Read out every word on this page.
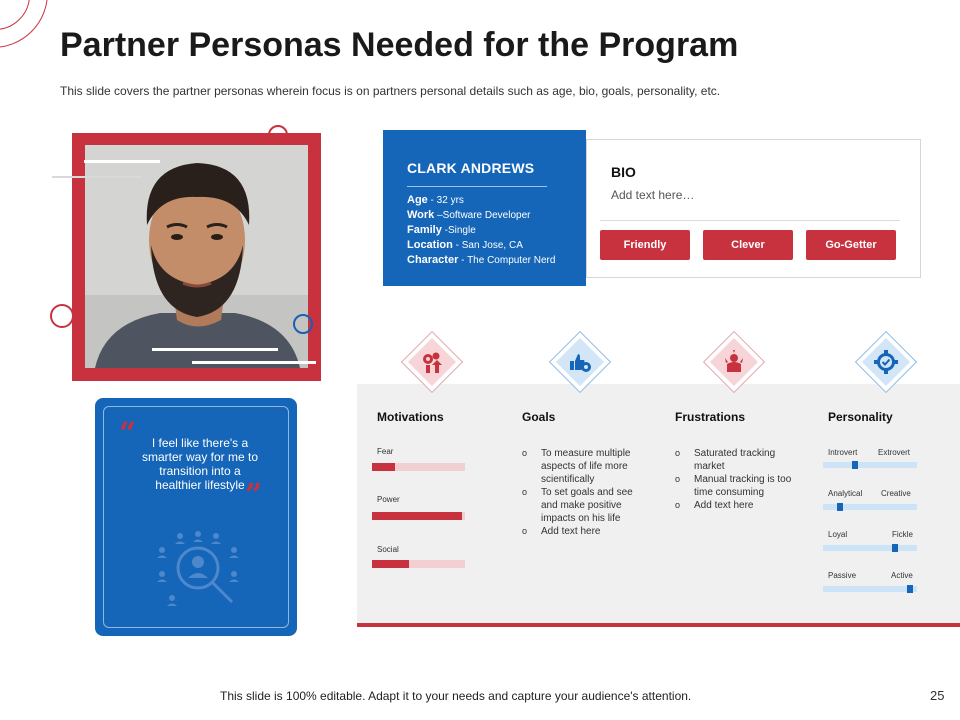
Partner Personas Needed for the Program

This slide covers the partner personas wherein focus is on partners personal details such as age, bio, goals, personality, etc.

CLARK ANDREWS
Age - 32 yrs
Work –Software Developer
Family -Single
Location - San Jose, CA
Character - The Computer Nerd
BIO
Add text here…
Friendly	Clever	Go-Getter
“	I feel like there's a smarter way for me to transition into a healthier lifestyle ”
Motivations	Goals	Frustrations	Personality
Fear
Power
Social
o To measure multiple aspects of life more scientifically
o To set goals and see and make positive impacts on his life
o Add text here
o Saturated tracking market
o Manual tracking is too time consuming
o Add text here
Introvert	Extrovert
Analytical Creative
Loyal	Fickle
Passive	Active
This slide is 100% editable. Adapt it to your needs and capture your audience's attention.	25
